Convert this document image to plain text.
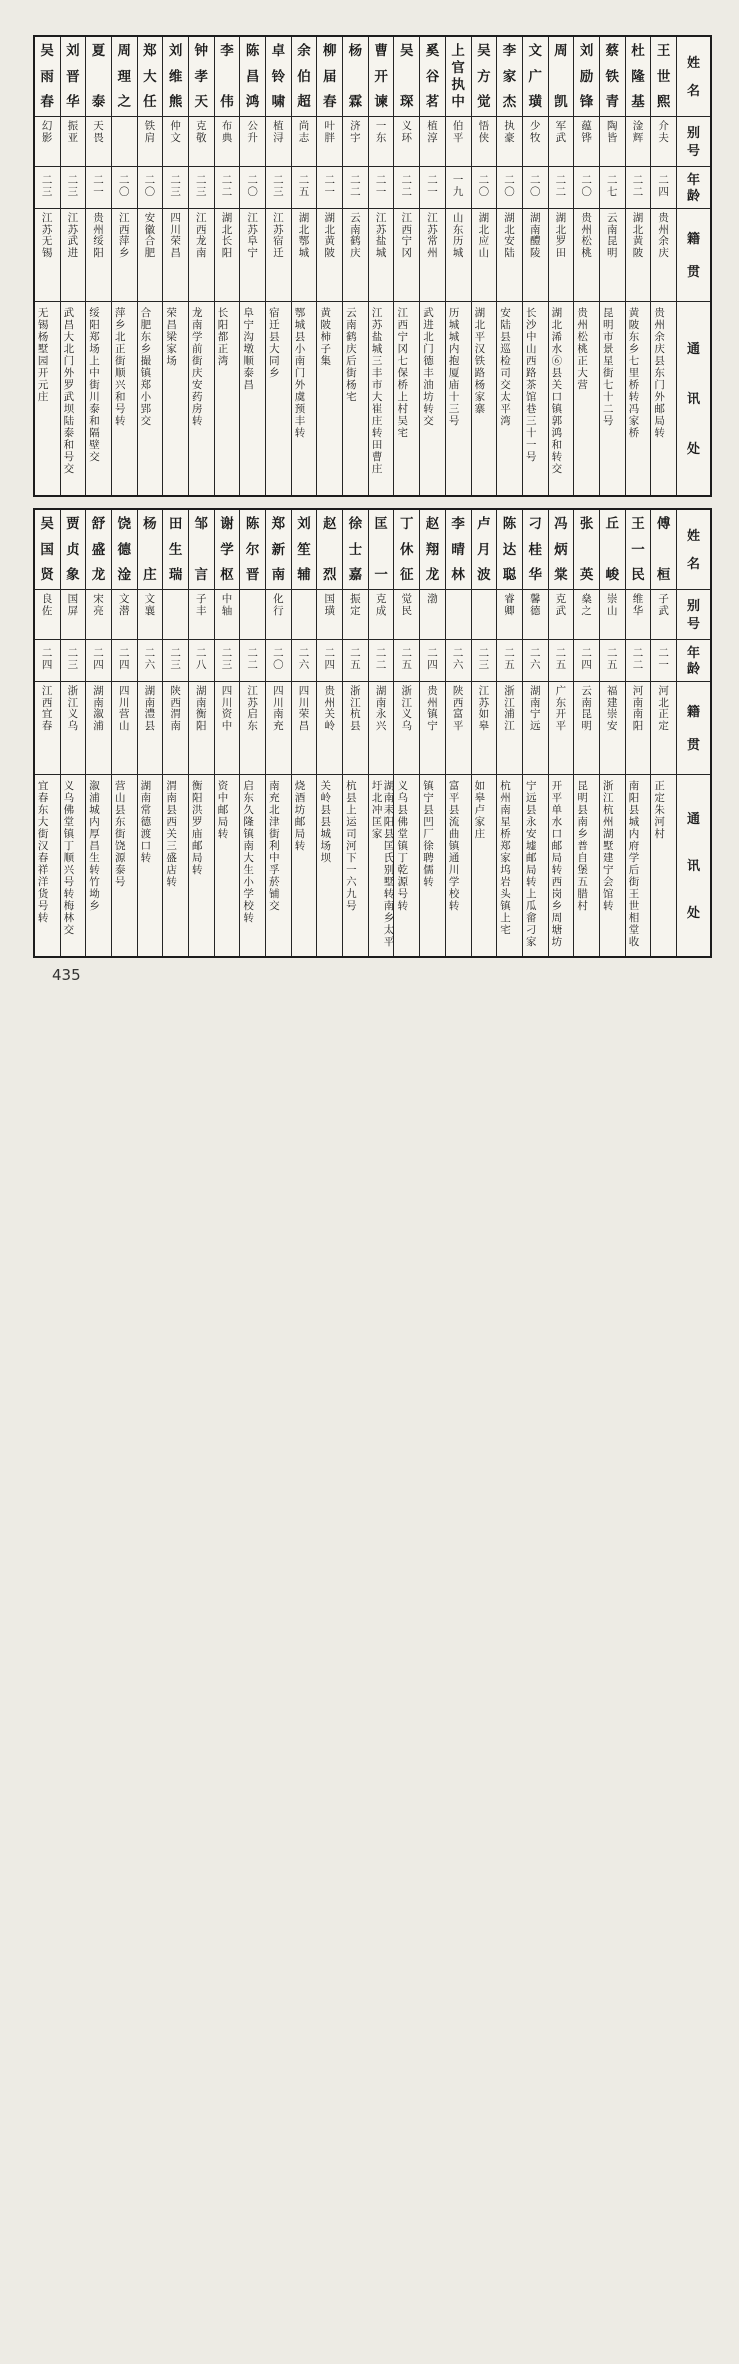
姓
名
别
号
年
龄
籍
贯
通
讯
处
王
世
熙
介
夫
二
四
贵
州
余
庆
贵州余庆县东门外邮局转
杜
隆
基
淦
辉
二
二
湖
北
黄
陂
黄陂东乡七里桥转冯家桥
蔡
铁
青
陶
皆
二
七
云
南
昆
明
昆明市景星街七十二号
刘
励
锋
蕴
铧
二
〇
贵
州
松
桃
贵州松桃正大营
周
凯
军
武
二
二
湖
北
罗
田
湖北浠水⑥县关口镇郭鸿和转交
文
广
璜
少
牧
二
〇
湖
南
醴
陵
长沙中山西路茶馆巷三十一号
李
家
杰
执
豪
二
〇
湖
北
安
陆
安陆县巡检司交太平湾
吴
方
觉
悟
侠
二
〇
湖
北
应
山
湖北平汉铁路杨家寨
上
官
执
中
伯
平
一
九
山
东
历
城
历城城内抱厦庙十三号
奚
谷
茗
植
淳
二
一
江
苏
常
州
武进北门德丰油坊转交
吴
琛
义
环
二
二
江
西
宁
冈
江西宁冈七保桥上村吴宅
曹
开
谏
一
东
二
一
江
苏
盐
城
江苏盐城三丰市大崔庄转田曹庄
杨
霖
济
宇
二
二
云
南
鹤
庆
云南鹤庆后街杨宅
柳
届
春
叶
胖
二
一
湖
北
黄
陂
黄陂柿子集
余
伯
超
尚
志
二
五
湖
北
鄂
城
鄂城县小南门外虞预丰转
卓
铃
啸
植
浔
二
三
江
苏
宿
迁
宿迁县大同乡
陈
昌
鸿
公
升
二
〇
江
苏
阜
宁
阜宁沟墩顺泰昌
李
伟
布
典
二
二
湖
北
长
阳
长阳都正湾
钟
孝
天
克
敬
二
三
江
西
龙
南
龙南学前街庆安药房转
刘
维
熊
仲
文
二
三
四
川
荣
昌
荣昌梁家场
郑
大
任
铁
肩
二
〇
安
徽
合
肥
合肥东乡撮镇郑小郢交
周
理
之
二
〇
江
西
萍
乡
萍乡北正街顺兴和号转
夏
泰
天
畏
二
一
贵
州
绥
阳
绥阳郑场上中街川泰和隔壁交
刘
晋
华
振
亚
二
三
江
苏
武
进
武昌大北门外罗武坝陆泰和号交
吴
雨
春
幻
影
二
三
江
苏
无
锡
无锡杨墅园开元庄
姓
名
别
号
年
龄
籍
贯
通
讯
处
傅
桓
子
武
二
一
河
北
正
定
正定朱河村
王
一
民
维
华
二
二
河
南
南
阳
南阳县城内府学后街王世相堂收
丘
峻
崇
山
二
五
福
建
崇
安
浙江杭州湖墅建宁会馆转
张
英
燊
之
二
四
云
南
昆
明
昆明县南乡普自堡五腊村
冯
炳
棠
克
武
二
五
广
东
开
平
开平单水口邮局转西岗乡周塘坊
刁
桂
华
馨
德
二
六
湖
南
宁
远
宁远县永安墟邮局转上瓜畲刁家
陈
达
聪
睿
卿
二
五
浙
江
浦
江
杭州南星桥郑家坞岩头镇上宅
卢
月
波
二
三
江
苏
如
皋
如皋卢家庄
李
晴
林
二
六
陕
西
富
平
富平县流曲镇通川学校转
赵
翔
龙
渤
二
四
贵
州
镇
宁
镇宁县凹厂徐聘儒转
丁
休
征
觉
民
二
五
浙
江
义
乌
义乌县佛堂镇丁乾源号转
匡
一
克
成
二
二
湖
南
永
兴
湖南耒阳县匡氏别墅转南乡太平圩北冲匡家
徐
士
嘉
振
定
二
五
浙
江
杭
县
杭县上运司河下一六九号
赵
烈
国
璜
二
四
贵
州
关
岭
关岭县县城场坝
刘
笙
辅
二
六
四
川
荣
昌
烧酒坊邮局转
郑
新
南
化
行
二
〇
四
川
南
充
南充北津街利中孚菸铺交
陈
尔
晋
二
二
江
苏
启
东
启东久隆镇南大生小学校转
谢
学
枢
中
轴
二
三
四
川
资
中
资中邮局转
邹
言
子
丰
二
八
湖
南
衡
阳
衡阳洪罗庙邮局转
田
生
瑞
二
三
陕
西
渭
南
渭南县西关三盛店转
杨
庄
文
襄
二
六
湖
南
澧
县
湖南常德渡口转
饶
德
淦
文
潜
二
四
四
川
营
山
营山县东街饶源泰号
舒
盛
龙
宋
亮
二
四
湖
南
溆
浦
溆浦城内厚昌生转竹坳乡
贾
贞
象
国
屏
二
三
浙
江
义
乌
义乌佛堂镇丁顺兴号转梅林交
吴
国
贤
良
佐
二
四
江
西
宜
春
宜春东大街汉春祥洋货号转
435
